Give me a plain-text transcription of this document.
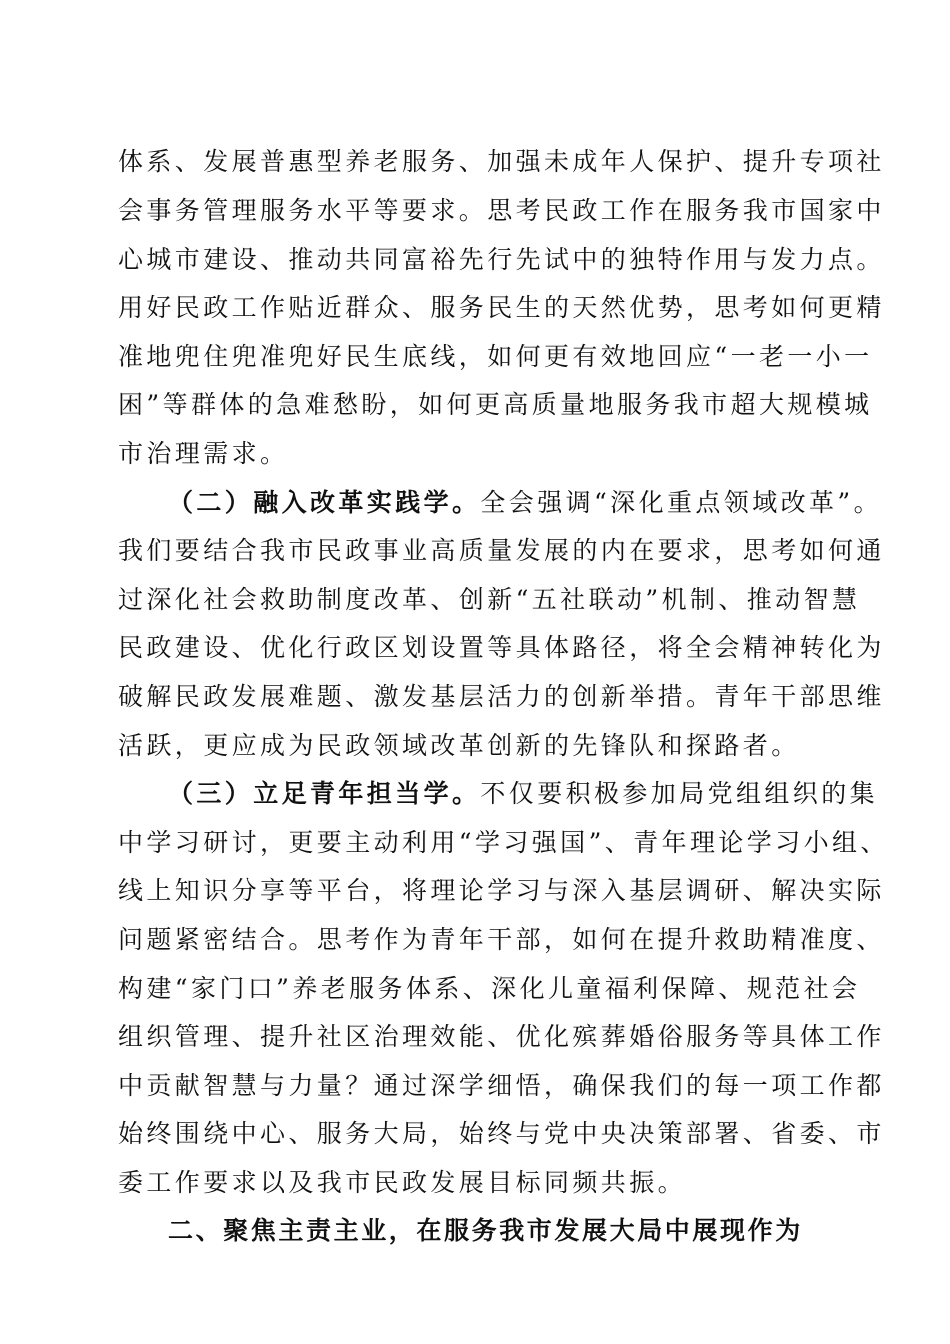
体系、发展普惠型养老服务、加强未成年人保护、提升专项社
会事务管理服务水平等要求。思考民政工作在服务我市国家中
心城市建设、推动共同富裕先行先试中的独特作用与发力点。
用好民政工作贴近群众、服务民生的天然优势，思考如何更精
准地兜住兜准兜好民生底线，如何更有效地回应“一老一小一
困”等群体的急难愁盼，如何更高质量地服务我市超大规模城
市治理需求。
（二）融入改革实践学。全会强调“深化重点领域改革”。
我们要结合我市民政事业高质量发展的内在要求，思考如何通
过深化社会救助制度改革、创新“五社联动”机制、推动智慧
民政建设、优化行政区划设置等具体路径，将全会精神转化为
破解民政发展难题、激发基层活力的创新举措。青年干部思维
活跃，更应成为民政领域改革创新的先锋队和探路者。
（三）立足青年担当学。不仅要积极参加局党组组织的集
中学习研讨，更要主动利用“学习强国”、青年理论学习小组、
线上知识分享等平台，将理论学习与深入基层调研、解决实际
问题紧密结合。思考作为青年干部，如何在提升救助精准度、
构建“家门口”养老服务体系、深化儿童福利保障、规范社会
组织管理、提升社区治理效能、优化殡葬婚俗服务等具体工作
中贡献智慧与力量？通过深学细悟，确保我们的每一项工作都
始终围绕中心、服务大局，始终与党中央决策部署、省委、市
委工作要求以及我市民政发展目标同频共振。
二、聚焦主责主业，在服务我市发展大局中展现作为
